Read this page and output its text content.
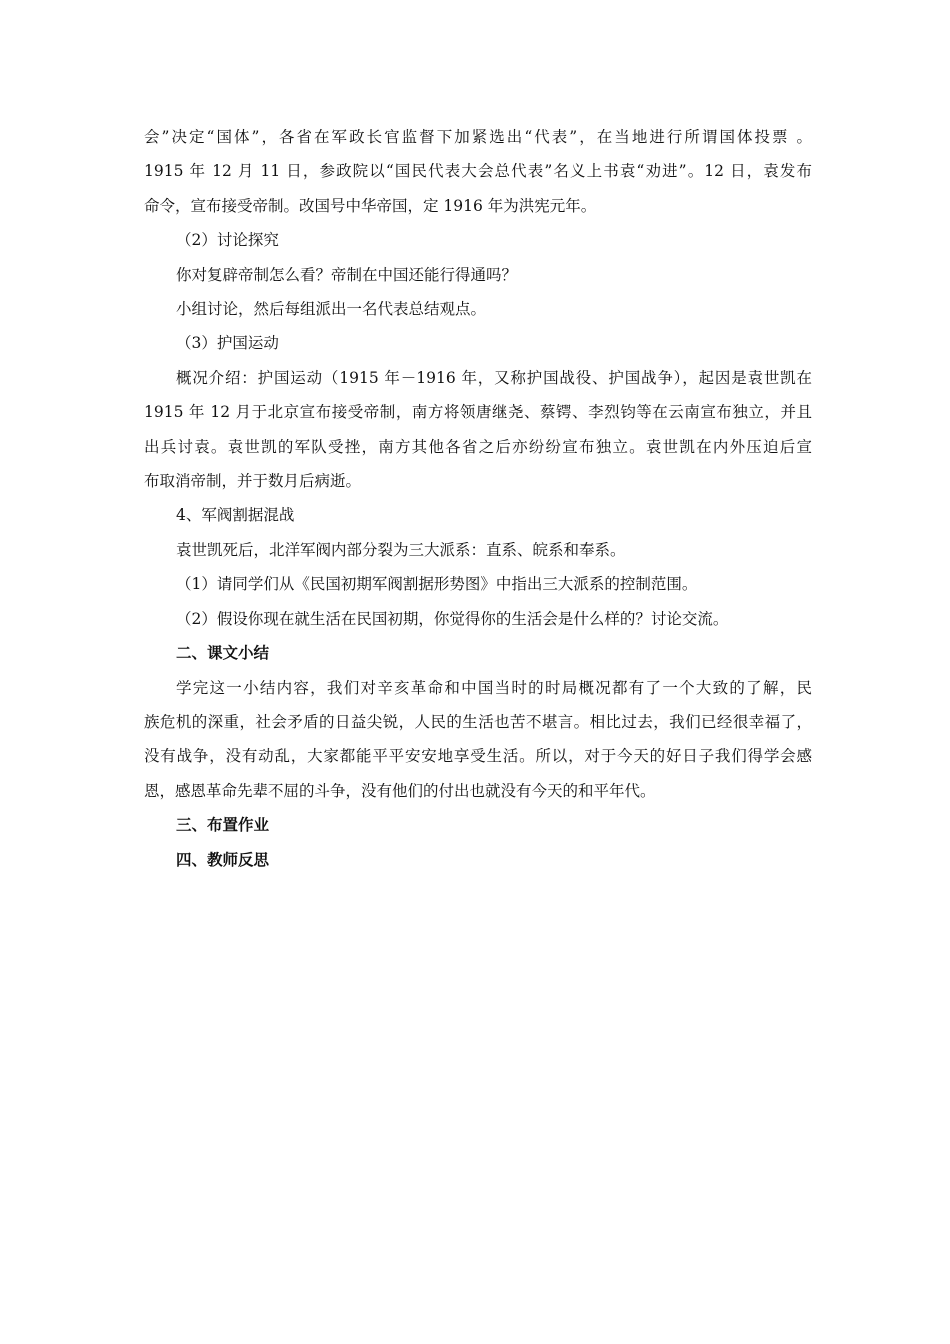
会”决定“国体”，各省在军政长官监督下加紧选出“代表”，在当地进行所谓国体投票 。
1915 年 12 月 11 日，参政院以“国民代表大会总代表”名义上书袁“劝进”。12 日，袁发布
命令，宣布接受帝制。改国号中华帝国，定 1916 年为洪宪元年。
（2）讨论探究
你对复辟帝制怎么看？帝制在中国还能行得通吗？
小组讨论，然后每组派出一名代表总结观点。
（3）护国运动
概况介绍：护国运动（1915 年－1916 年，又称护国战役、护国战争），起因是袁世凯在
1915 年 12 月于北京宣布接受帝制，南方将领唐继尧、蔡锷、李烈钧等在云南宣布独立，并且
出兵讨袁。袁世凯的军队受挫，南方其他各省之后亦纷纷宣布独立。袁世凯在内外压迫后宣
布取消帝制，并于数月后病逝。
4、军阀割据混战
袁世凯死后，北洋军阀内部分裂为三大派系：直系、皖系和奉系。
（1）请同学们从《民国初期军阀割据形势图》中指出三大派系的控制范围。
（2）假设你现在就生活在民国初期，你觉得你的生活会是什么样的？讨论交流。
二、课文小结
学完这一小结内容，我们对辛亥革命和中国当时的时局概况都有了一个大致的了解，民
族危机的深重，社会矛盾的日益尖锐，人民的生活也苦不堪言。相比过去，我们已经很幸福了，
没有战争，没有动乱，大家都能平平安安地享受生活。所以，对于今天的好日子我们得学会感
恩，感恩革命先辈不屈的斗争，没有他们的付出也就没有今天的和平年代。
三、布置作业
四、教师反思
